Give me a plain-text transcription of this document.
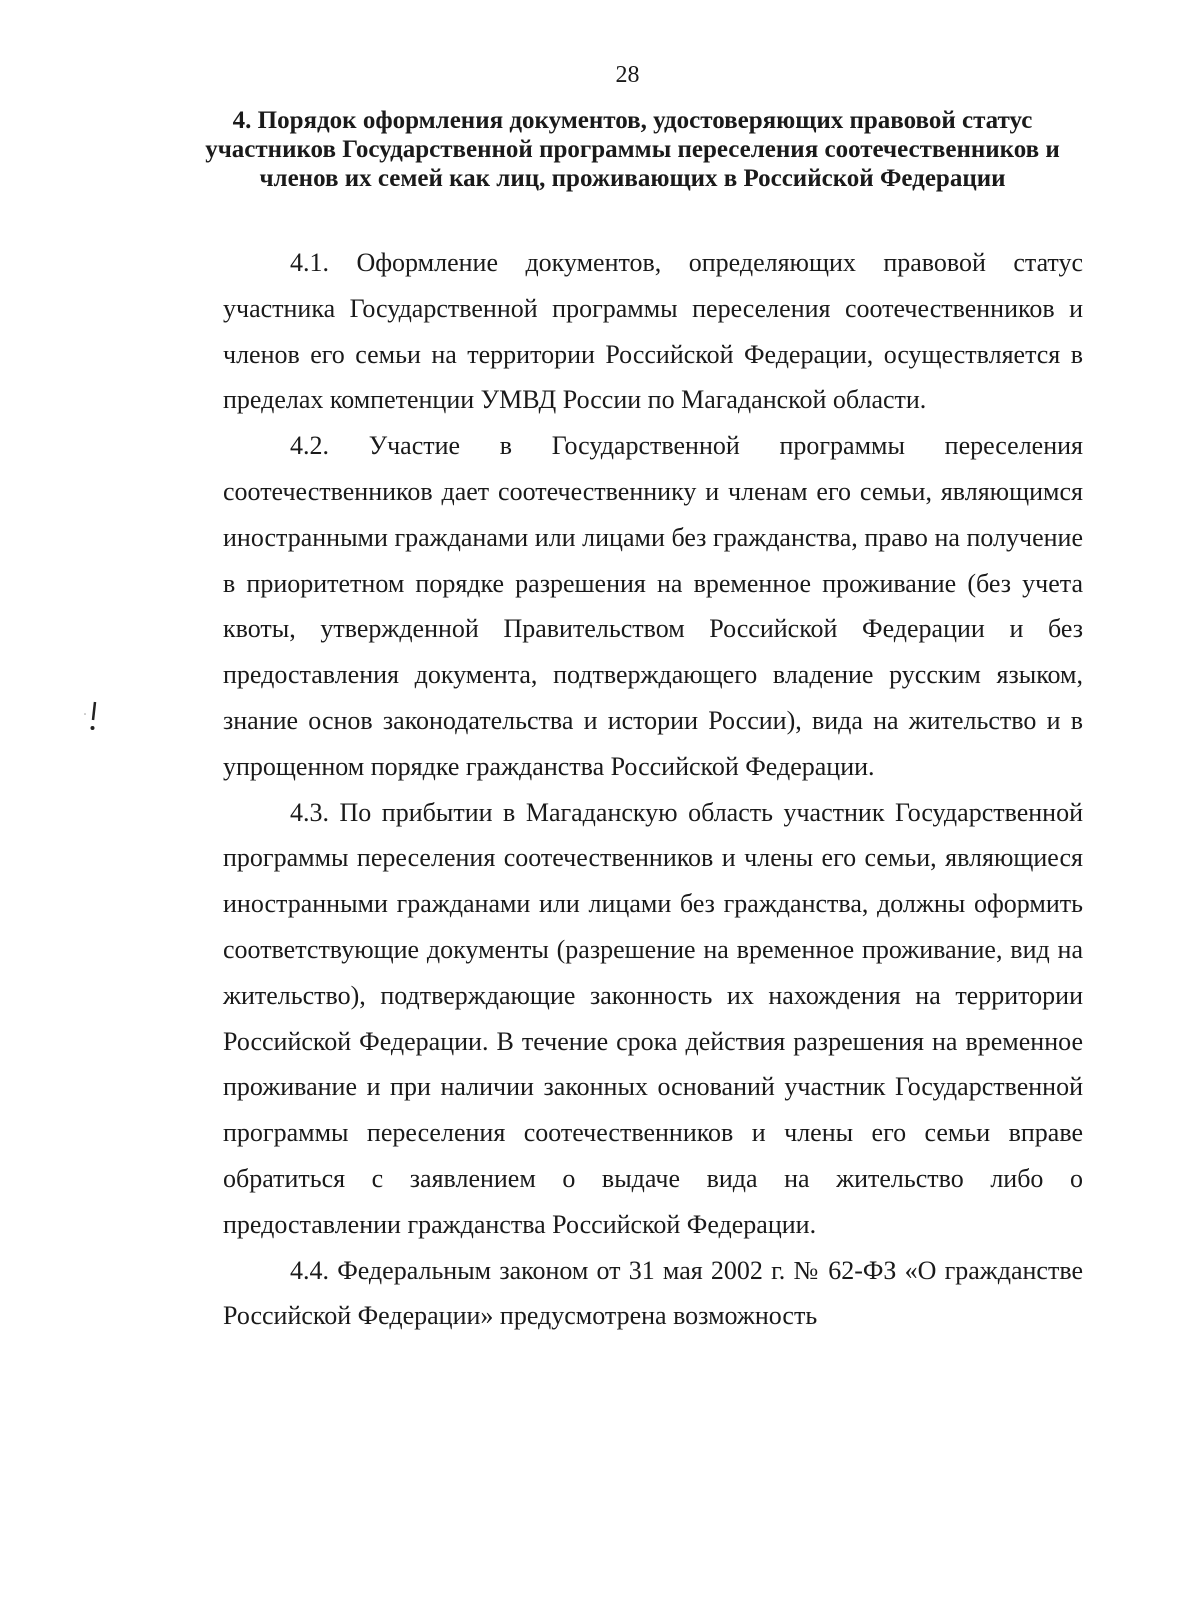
28
4. Порядок оформления документов, удостоверяющих правовой статус участников Государственной программы переселения соотечественников и членов их семей как лиц, проживающих в Российской Федерации

4.1. Оформление документов, определяющих правовой статус участника Государственной программы переселения соотечественников и членов его семьи на территории Российской Федерации, осуществляется в пределах компетенции УМВД России по Магаданской области.

4.2. Участие в Государственной программы переселения соотечественников дает соотечественнику и членам его семьи, являющимся иностранными гражданами или лицами без гражданства, право на получение в приоритетном порядке разрешения на временное проживание (без учета квоты, утвержденной Правительством Российской Федерации и без предоставления документа, подтверждающего владение русским языком, знание основ законодательства и истории России), вида на жительство и в упрощенном порядке гражданства Российской Федерации.

4.3. По прибытии в Магаданскую область участник Государственной программы переселения соотечественников и члены его семьи, являющиеся иностранными гражданами или лицами без гражданства, должны оформить соответствующие документы (разрешение на временное проживание, вид на жительство), подтверждающие законность их нахождения на территории Российской Федерации. В течение срока действия разрешения на временное проживание и при наличии законных оснований участник Государственной программы переселения соотечественников и члены его семьи вправе обратиться с заявлением о выдаче вида на жительство либо о предоставлении гражданства Российской Федерации.

4.4. Федеральным законом от 31 мая 2002 г. № 62-ФЗ «О гражданстве Российской Федерации» предусмотрена возможность
